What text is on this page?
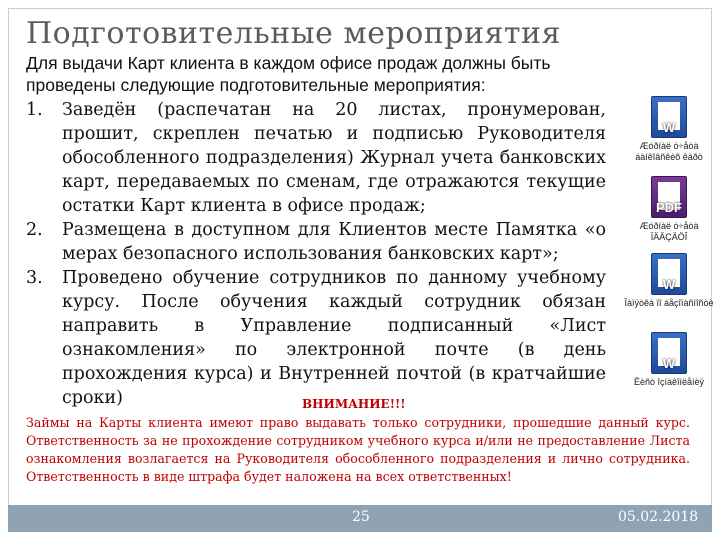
Подготовительные мероприятия
Для выдачи Карт клиента в каждом офисе продаж должны быть проведены следующие подготовительные мероприятия:
1. Заведён (распечатан на 20 листах, пронумерован, прошит, скреплен печатью и подписью Руководителя обособленного подразделения) Журнал учета банковских карт, передаваемых по сменам, где отражаются текущие остатки Карт клиента в офисе продаж;
2. Размещена в доступном для Клиентов месте Памятка «о мерах безопасного использования банковских карт»;
3. Проведено обучение сотрудников по данному учебному курсу. После обучения каждый сотрудник обязан направить в Управление подписанный «Лист ознакомления» по электронной почте (в день прохождения курса) и Внутренней почтой (в кратчайшие сроки)
W
Æóðíàë ó÷åòà áàíêîâñêèõ êàðò
PDF
Æóðíàë ó÷åòà ÏÄÄÇÄÖÎ
W
Ïàìÿòêà ïî áåçîïàñíîñòè
W
Ëèñò îçíàêîìëåíèÿ
ВНИМАНИЕ!!!
Займы на Карты клиента имеют право выдавать только сотрудники, прошедшие данный курс. Ответственность за не прохождение сотрудником учебного курса и/или не предоставление Листа ознакомления возлагается на Руководителя обособленного подразделения и лично сотрудника. Ответственность в виде штрафа будет наложена на всех ответственных!
25	05.02.2018
